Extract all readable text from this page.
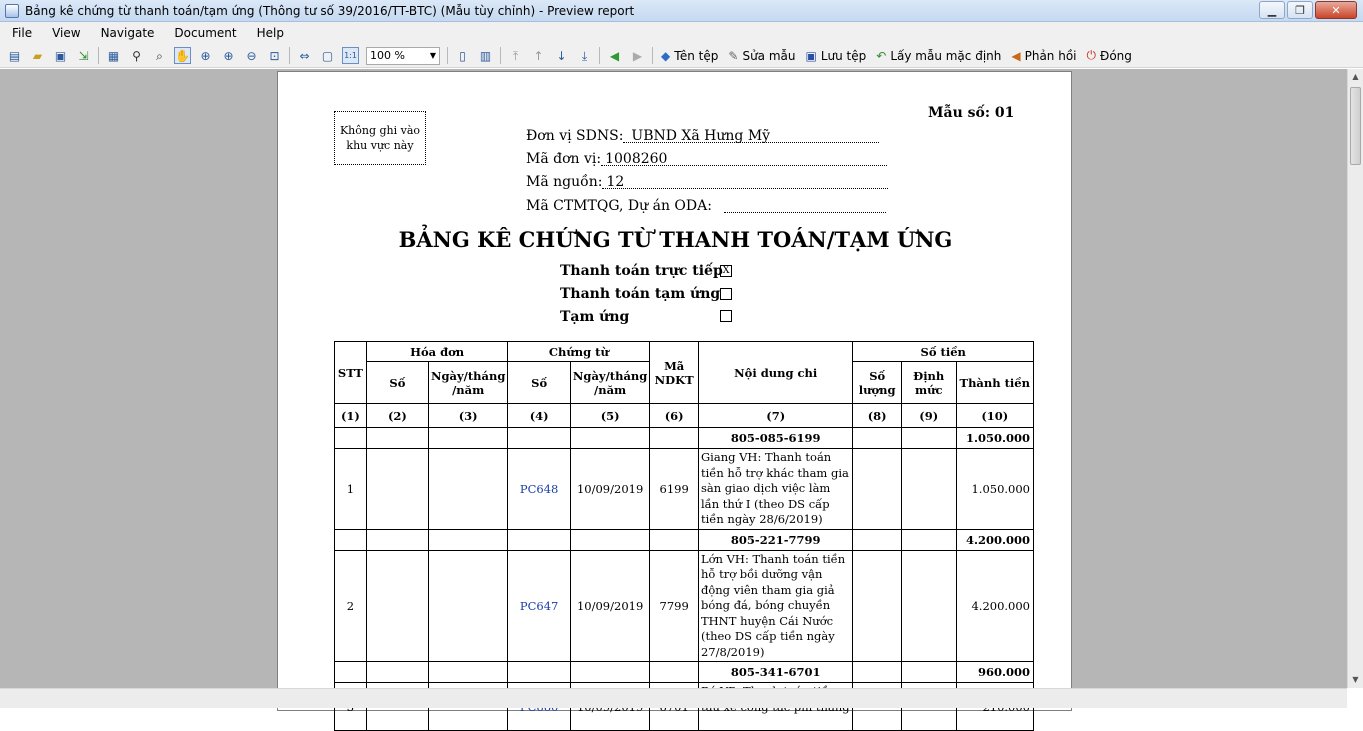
Bảng kê chứng từ thanh toán/tạm ứng (Thông tư số 39/2016/TT-BTC) (Mẫu tùy chỉnh) - Preview report	▁	❐	✕
File	View	Navigate	Document	Help
▤	▰	▣ ⇲ ▦	⚲	⌕	✋ ⊕ ⊕ ⊖ ⊡ ⇔ ▢	1:1 100 %	▼	▯	▥	⤒	↑ ↓	⤓	◀	▶	◆ Tên tệp ✎ Sửa mẫu ▣ Lưu tệp ↶ Lấy mẫu mặc định ◀ Phản hồi ⏻ Đóng
Không ghi vào
khu vực này
Mẫu số: 01
Đơn vị SDNS: UBND Xã Hưng Mỹ
Mã đơn vị: 1008260
Mã nguồn: 12
Mã CTMTQG, Dự án ODA:
BẢNG KÊ CHỨNG TỪ THANH TOÁN/TẠM ỨNG
Thanh toán trực tiếp X
Thanh toán tạm ứng
Tạm ứng
STT	Hóa đơn		Chứng từ		Mã NDKT	Nội dung chi	Số tiền		
	Số	Ngày/tháng /năm	Số	Ngày/tháng /năm			Số lượng	Định mức	Thành tiền
(1)	(2)	(3)	(4)	(5)	(6)	(7)	(8)	(9)	(10)
						805-085-6199			1.050.000
1			PC648	10/09/2019	6199	Giang VH: Thanh toán tiền hỗ trợ khác tham gia sàn giao dịch việc làm lần thứ I (theo DS cấp tiền ngày 28/6/2019)			1.050.000
						805-221-7799			4.200.000
2			PC647	10/09/2019	7799	Lớn VH: Thanh toán tiền hỗ trợ bồi dưỡng vận động viên tham gia giả bóng đá, bóng chuyền THNT huyện Cái Nước (theo DS cấp tiền ngày 27/8/2019)			4.200.000
						805-341-6701			960.000

▲
▼
